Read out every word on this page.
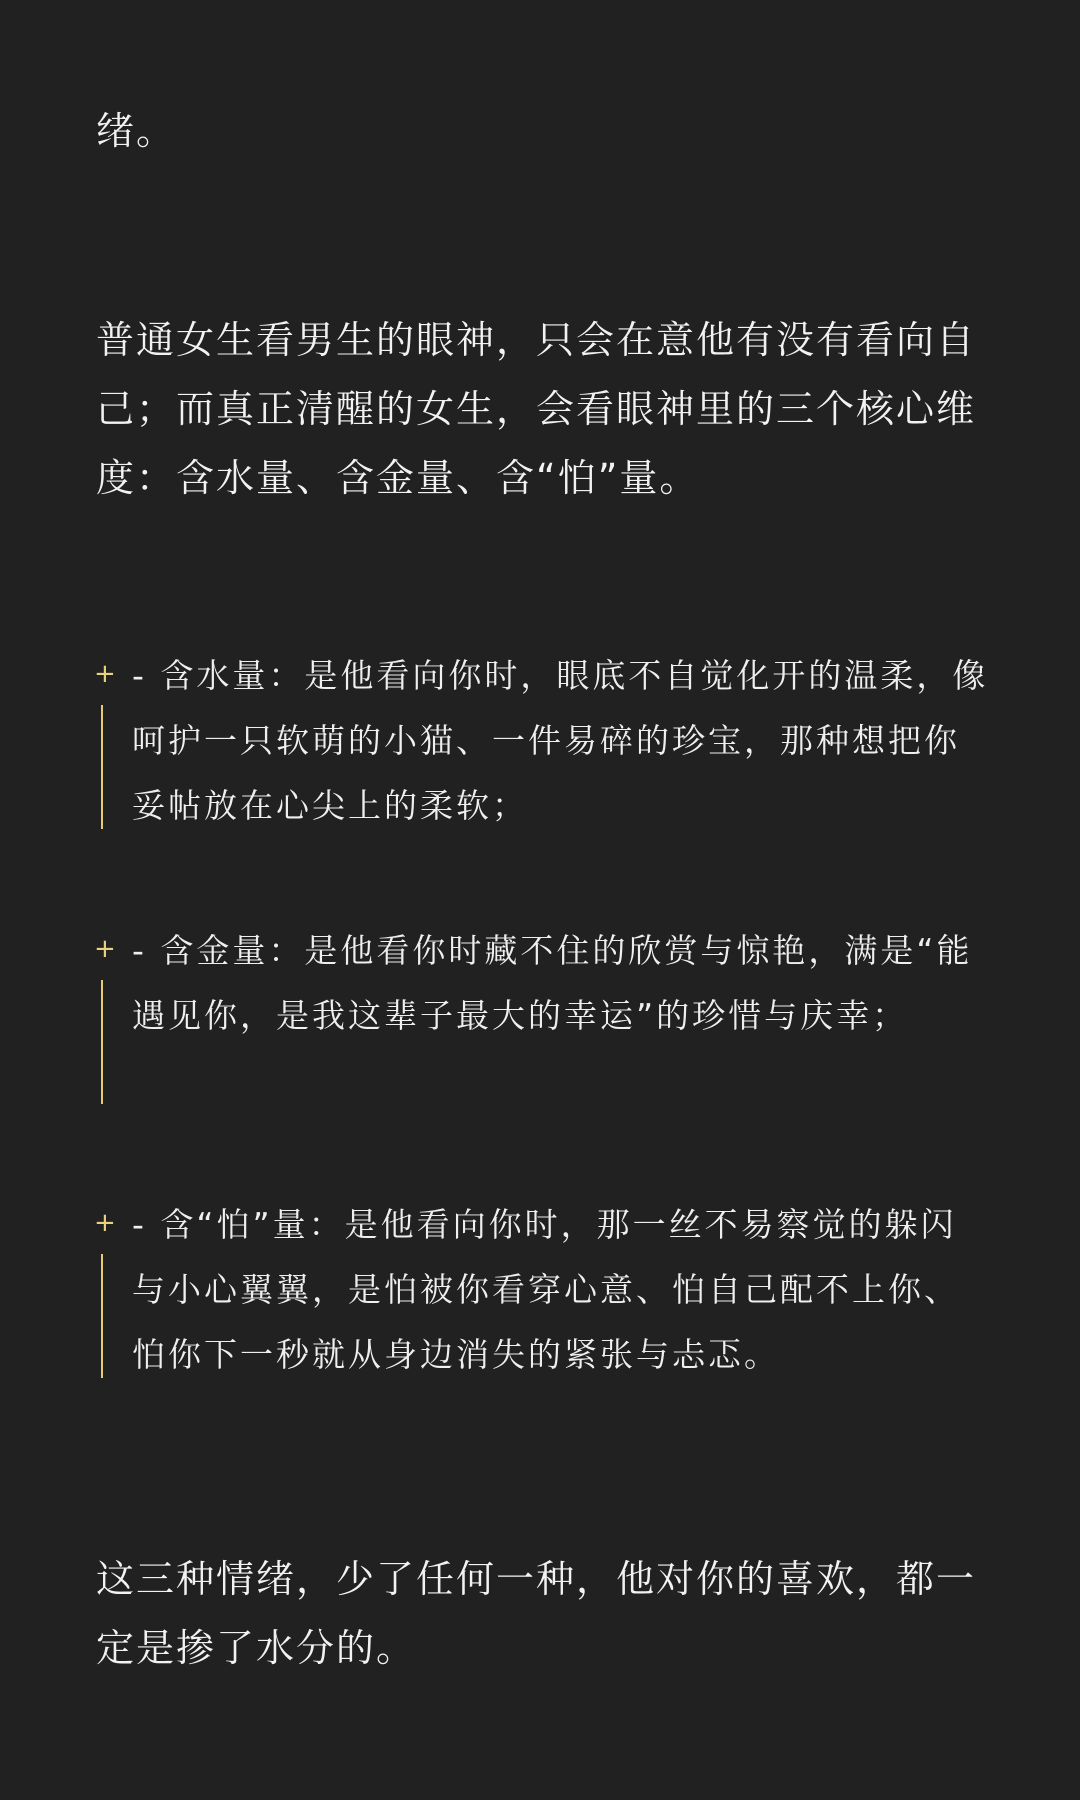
绪。

普通女生看男生的眼神，只会在意他有没有看向自己；而真正清醒的女生，会看眼神里的三个核心维度：含水量、含金量、含“怕”量。

+ - 含水量：是他看向你时，眼底不自觉化开的温柔，像呵护一只软萌的小猫、一件易碎的珍宝，那种想把你妥帖放在心尖上的柔软；

+ - 含金量：是他看你时藏不住的欣赏与惊艳，满是“能遇见你，是我这辈子最大的幸运”的珍惜与庆幸；

+ - 含“怕”量：是他看向你时，那一丝不易察觉的躲闪与小心翼翼，是怕被你看穿心意、怕自己配不上你、怕你下一秒就从身边消失的紧张与忐忑。

这三种情绪，少了任何一种，他对你的喜欢，都一定是掺了水分的。
